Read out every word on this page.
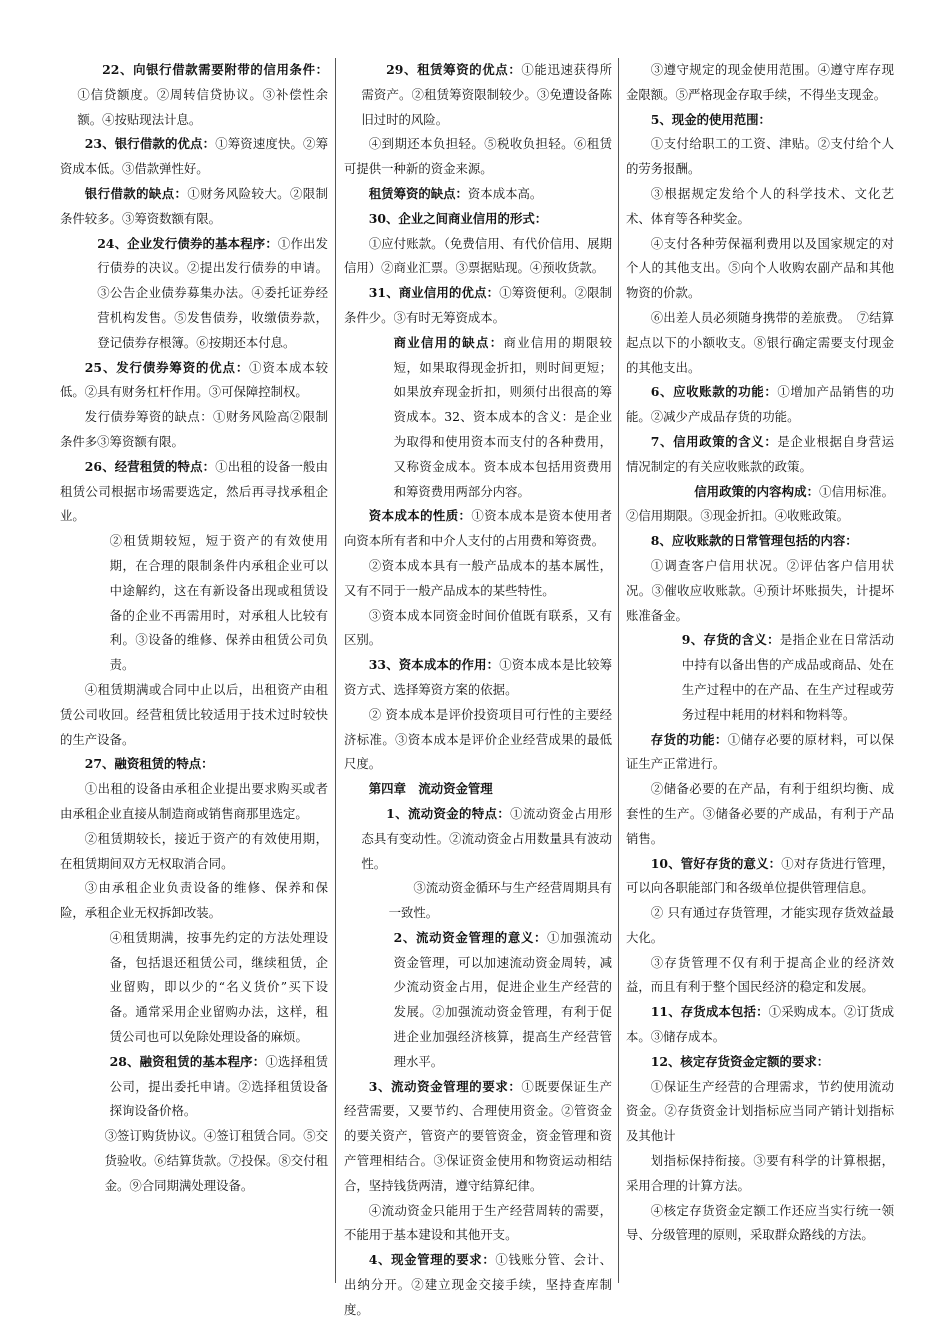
22、向银行借款需要附带的信用条件：①信贷额度。②周转信贷协议。③补偿性余额。④按贴现法计息。

23、银行借款的优点：①筹资速度快。②筹资成本低。③借款弹性好。

银行借款的缺点：①财务风险较大。②限制条件较多。③筹资数额有限。

24、企业发行债券的基本程序：①作出发行债券的决议。②提出发行债券的申请。③公告企业债券募集办法。④委托证券经营机构发售。⑤发售债券，收缴债券款，登记债券存根簿。⑥按期还本付息。

25、发行债券筹资的优点：①资本成本较低。②具有财务杠杆作用。③可保障控制权。

发行债券筹资的缺点：①财务风险高②限制条件多③筹资额有限。

26、经营租赁的特点：①出租的设备一般由租赁公司根据市场需要选定，然后再寻找承租企业。

②租赁期较短，短于资产的有效使用期，在合理的限制条件内承租企业可以中途解约，这在有新设备出现或租赁设备的企业不再需用时，对承租人比较有利。③设备的维修、保养由租赁公司负责。

④租赁期满或合同中止以后，出租资产由租赁公司收回。经营租赁比较适用于技术过时较快的生产设备。

27、融资租赁的特点：

①出租的设备由承租企业提出要求购买或者由承租企业直接从制造商或销售商那里选定。

②租赁期较长，接近于资产的有效使用期，在租赁期间双方无权取消合同。

③由承租企业负责设备的维修、保养和保险，承租企业无权拆卸改装。

④租赁期满，按事先约定的方法处理设备，包括退还租赁公司，继续租赁，企业留购，即以少的“名义货价”买下设备。通常采用企业留购办法，这样，租赁公司也可以免除处理设备的麻烦。

28、融资租赁的基本程序：①选择租赁公司，提出委托申请。②选择租赁设备探询设备价格。

③签订购货协议。④签订租赁合同。⑤交货验收。⑥结算货款。⑦投保。⑧交付租金。⑨合同期满处理设备。

29、租赁筹资的优点：①能迅速获得所需资产。②租赁筹资限制较少。③免遭设备陈旧过时的风险。

④到期还本负担轻。⑤税收负担轻。⑥租赁可提供一种新的资金来源。

租赁筹资的缺点：资本成本高。

30、企业之间商业信用的形式：

①应付账款。（免费信用、有代价信用、展期信用）②商业汇票。③票据贴现。④预收货款。

31、商业信用的优点：①筹资便利。②限制条件少。③有时无筹资成本。

商业信用的缺点：商业信用的期限较短，如果取得现金折扣，则时间更短；如果放弃现金折扣，则须付出很高的筹资成本。32、资本成本的含义：是企业为取得和使用资本而支付的各种费用，又称资金成本。资本成本包括用资费用和筹资费用两部分内容。

资本成本的性质：①资本成本是资本使用者向资本所有者和中介人支付的占用费和筹资费。

②资本成本具有一般产品成本的基本属性，又有不同于一般产品成本的某些特性。

③资本成本同资金时间价值既有联系，又有区别。

33、资本成本的作用：①资本成本是比较筹资方式、选择筹资方案的依据。

② 资本成本是评价投资项目可行性的主要经济标准。③资本成本是评价企业经营成果的最低尺度。

第四章　流动资金管理

1、流动资金的特点：①流动资金占用形态具有变动性。②流动资金占用数量具有波动性。

③流动资金循环与生产经营周期具有一致性。

2、流动资金管理的意义：①加强流动资金管理，可以加速流动资金周转，减少流动资金占用，促进企业生产经营的发展。②加强流动资金管理，有利于促进企业加强经济核算，提高生产经营管理水平。

3、流动资金管理的要求：①既要保证生产经营需要，又要节约、合理使用资金。②管资金的要关资产，管资产的要管资金，资金管理和资产管理相结合。③保证资金使用和物资运动相结合，坚持钱货两清，遵守结算纪律。

④流动资金只能用于生产经营周转的需要，不能用于基本建设和其他开支。

4、现金管理的要求：①钱账分管、会计、出纳分开。②建立现金交接手续，坚持查库制度。

③遵守规定的现金使用范围。④遵守库存现金限额。⑤严格现金存取手续，不得坐支现金。

5、现金的使用范围：

①支付给职工的工资、津贴。②支付给个人的劳务报酬。

③根据规定发给个人的科学技术、文化艺术、体育等各种奖金。

④支付各种劳保福利费用以及国家规定的对个人的其他支出。⑤向个人收购农副产品和其他物资的价款。

⑥出差人员必须随身携带的差旅费。　⑦结算起点以下的小额收支。⑧银行确定需要支付现金的其他支出。

6、应收账款的功能：①增加产品销售的功能。②减少产成品存货的功能。

7、信用政策的含义：是企业根据自身营运情况制定的有关应收账款的政策。

信用政策的内容构成：①信用标准。②信用期限。③现金折扣。④收账政策。

8、应收账款的日常管理包括的内容：

①调查客户信用状况。②评估客户信用状况。③催收应收账款。④预计坏账损失，计提坏账准备金。

9、存货的含义：是指企业在日常活动中持有以备出售的产成品或商品、处在生产过程中的在产品、在生产过程或劳务过程中耗用的材料和物料等。

存货的功能：①储存必要的原材料，可以保证生产正常进行。

②储备必要的在产品，有利于组织均衡、成套性的生产。③储备必要的产成品，有利于产品销售。

10、管好存货的意义：①对存货进行管理，可以向各职能部门和各级单位提供管理信息。

② 只有通过存货管理，才能实现存货效益最大化。

③存货管理不仅有利于提高企业的经济效益，而且有利于整个国民经济的稳定和发展。

11、存货成本包括：①采购成本。②订货成本。③储存成本。

12、核定存货资金定额的要求：

①保证生产经营的合理需求，节约使用流动资金。②存货资金计划指标应当同产销计划指标及其他计

划指标保持衔接。③要有科学的计算根据，采用合理的计算方法。

④核定存货资金定额工作还应当实行统一领导、分级管理的原则，采取群众路线的方法。
